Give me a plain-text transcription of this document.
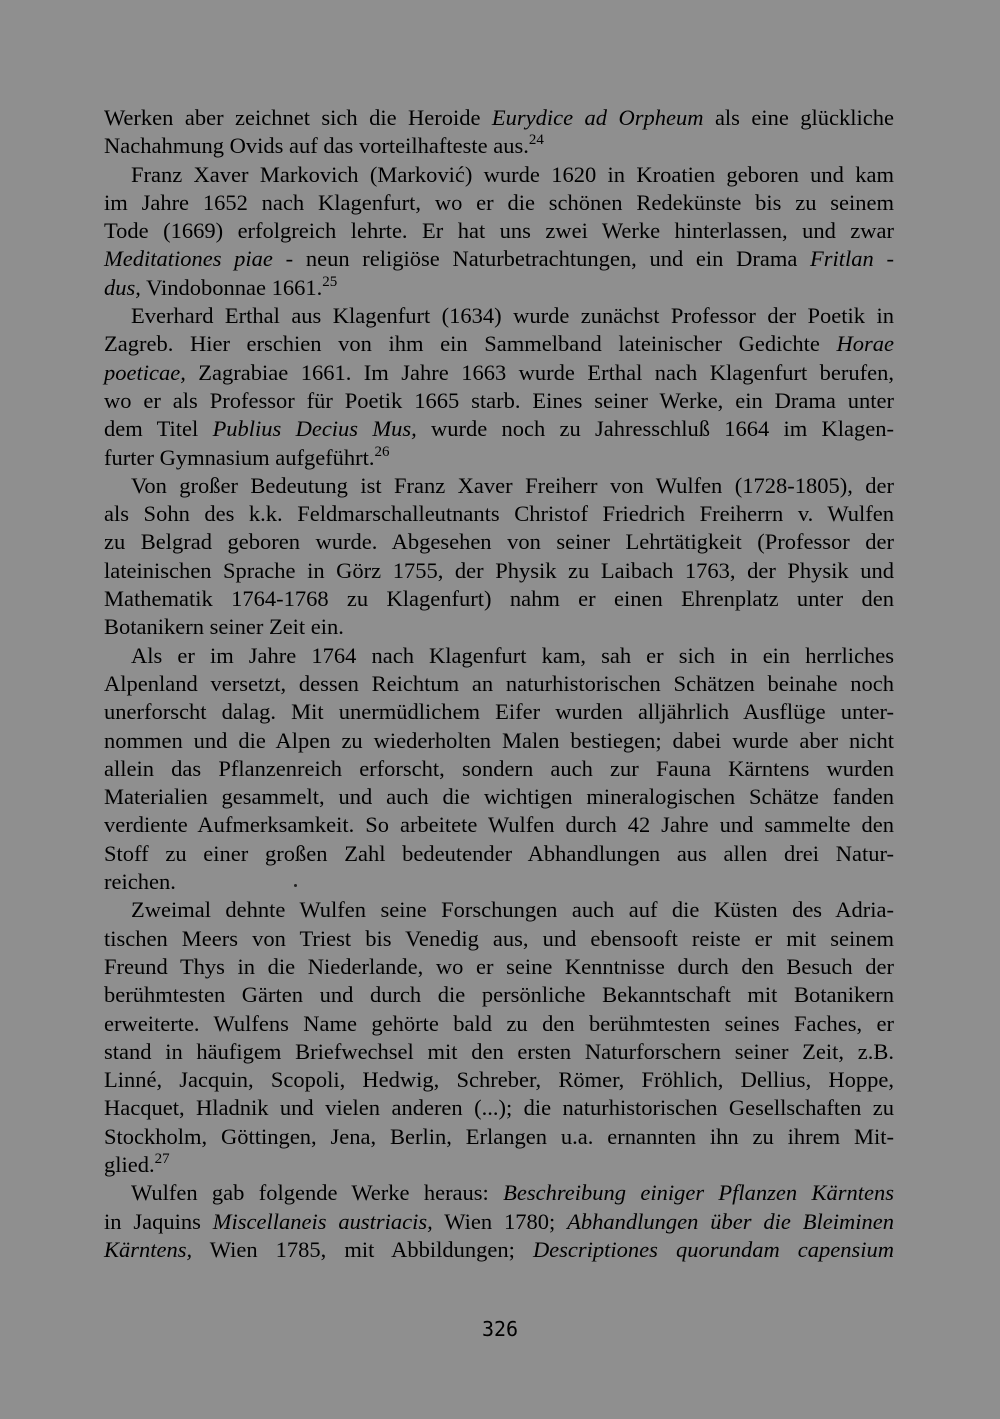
Werken aber zeichnet sich die Heroide Eurydice ad Orpheum als eine glückliche
Nachahmung Ovids auf das vorteilhafteste aus.$^{24}$
Franz Xaver Markovich (Marković) wurde 1620 in Kroatien geboren und kam
im Jahre 1652 nach Klagenfurt, wo er die schönen Redekünste bis zu seinem
Tode (1669) erfolgreich lehrte. Er hat uns zwei Werke hinterlassen, und zwar
Meditationes piae - neun religiöse Naturbetrachtungen, und ein Drama Fritlan -
dus, Vindobonnae 1661.25
Everhard Erthal aus Klagenfurt (1634) wurde zunächst Professor der Poetik in
Zagreb. Hier erschien von ihm ein Sammelband lateinischer Gedichte Horae
poeticae, Zagrabiae 1661. Im Jahre 1663 wurde Erthal nach Klagenfurt berufen,
wo er als Professor für Poetik 1665 starb. Eines seiner Werke, ein Drama unter
dem Titel Publius Decius Mus, wurde noch zu Jahresschluß 1664 im Klagen-
furter Gymnasium aufgeführt.$^{26}$
Von großer Bedeutung ist Franz Xaver Freiherr von Wulfen (1728-1805), der
als Sohn des k.k. Feldmarschalleutnants Christof Friedrich Freiherrn v. Wulfen
zu Belgrad geboren wurde. Abgesehen von seiner Lehrtätigkeit (Professor der
lateinischen Sprache in Görz 1755, der Physik zu Laibach 1763, der Physik und
Mathematik 1764-1768 zu Klagenfurt) nahm er einen Ehrenplatz unter den
Botanikern seiner Zeit ein.
Als er im Jahre 1764 nach Klagenfurt kam, sah er sich in ein herrliches
Alpenland versetzt, dessen Reichtum an naturhistorischen Schätzen beinahe noch
unerforscht dalag. Mit unermüdlichem Eifer wurden alljährlich Ausflüge unter-
nommen und die Alpen zu wiederholten Malen bestiegen; dabei wurde aber nicht
allein das Pflanzenreich erforscht, sondern auch zur Fauna Kärntens wurden
Materialien gesammelt, und auch die wichtigen mineralogischen Schätze fanden
verdiente Aufmerksamkeit. So arbeitete Wulfen durch 42 Jahre und sammelte den
Stoff zu einer großen Zahl bedeutender Abhandlungen aus allen drei Natur-
reichen.
Zweimal dehnte Wulfen seine Forschungen auch auf die Küsten des Adria-
tischen Meers von Triest bis Venedig aus, und ebensooft reiste er mit seinem
Freund Thys in die Niederlande, wo er seine Kenntnisse durch den Besuch der
berühmtesten Gärten und durch die persönliche Bekanntschaft mit Botanikern
erweiterte. Wulfens Name gehörte bald zu den berühmtesten seines Faches, er
stand in häufigem Briefwechsel mit den ersten Naturforschern seiner Zeit, z.B.
Linné, Jacquin, Scopoli, Hedwig, Schreber, Römer, Fröhlich, Dellius, Hoppe,
Hacquet, Hladnik und vielen anderen (...); die naturhistorischen Gesellschaften zu
Stockholm, Göttingen, Jena, Berlin, Erlangen u.a. ernannten ihn zu ihrem Mit-
glied.$^{27}$
Wulfen gab folgende Werke heraus: Beschreibung einiger Pflanzen Kärntens
in Jaquins Miscellaneis austriacis, Wien 1780; Abhandlungen über die Bleiminen
Kärntens, Wien 1785, mit Abbildungen; Descriptiones quorundam capensium
326
